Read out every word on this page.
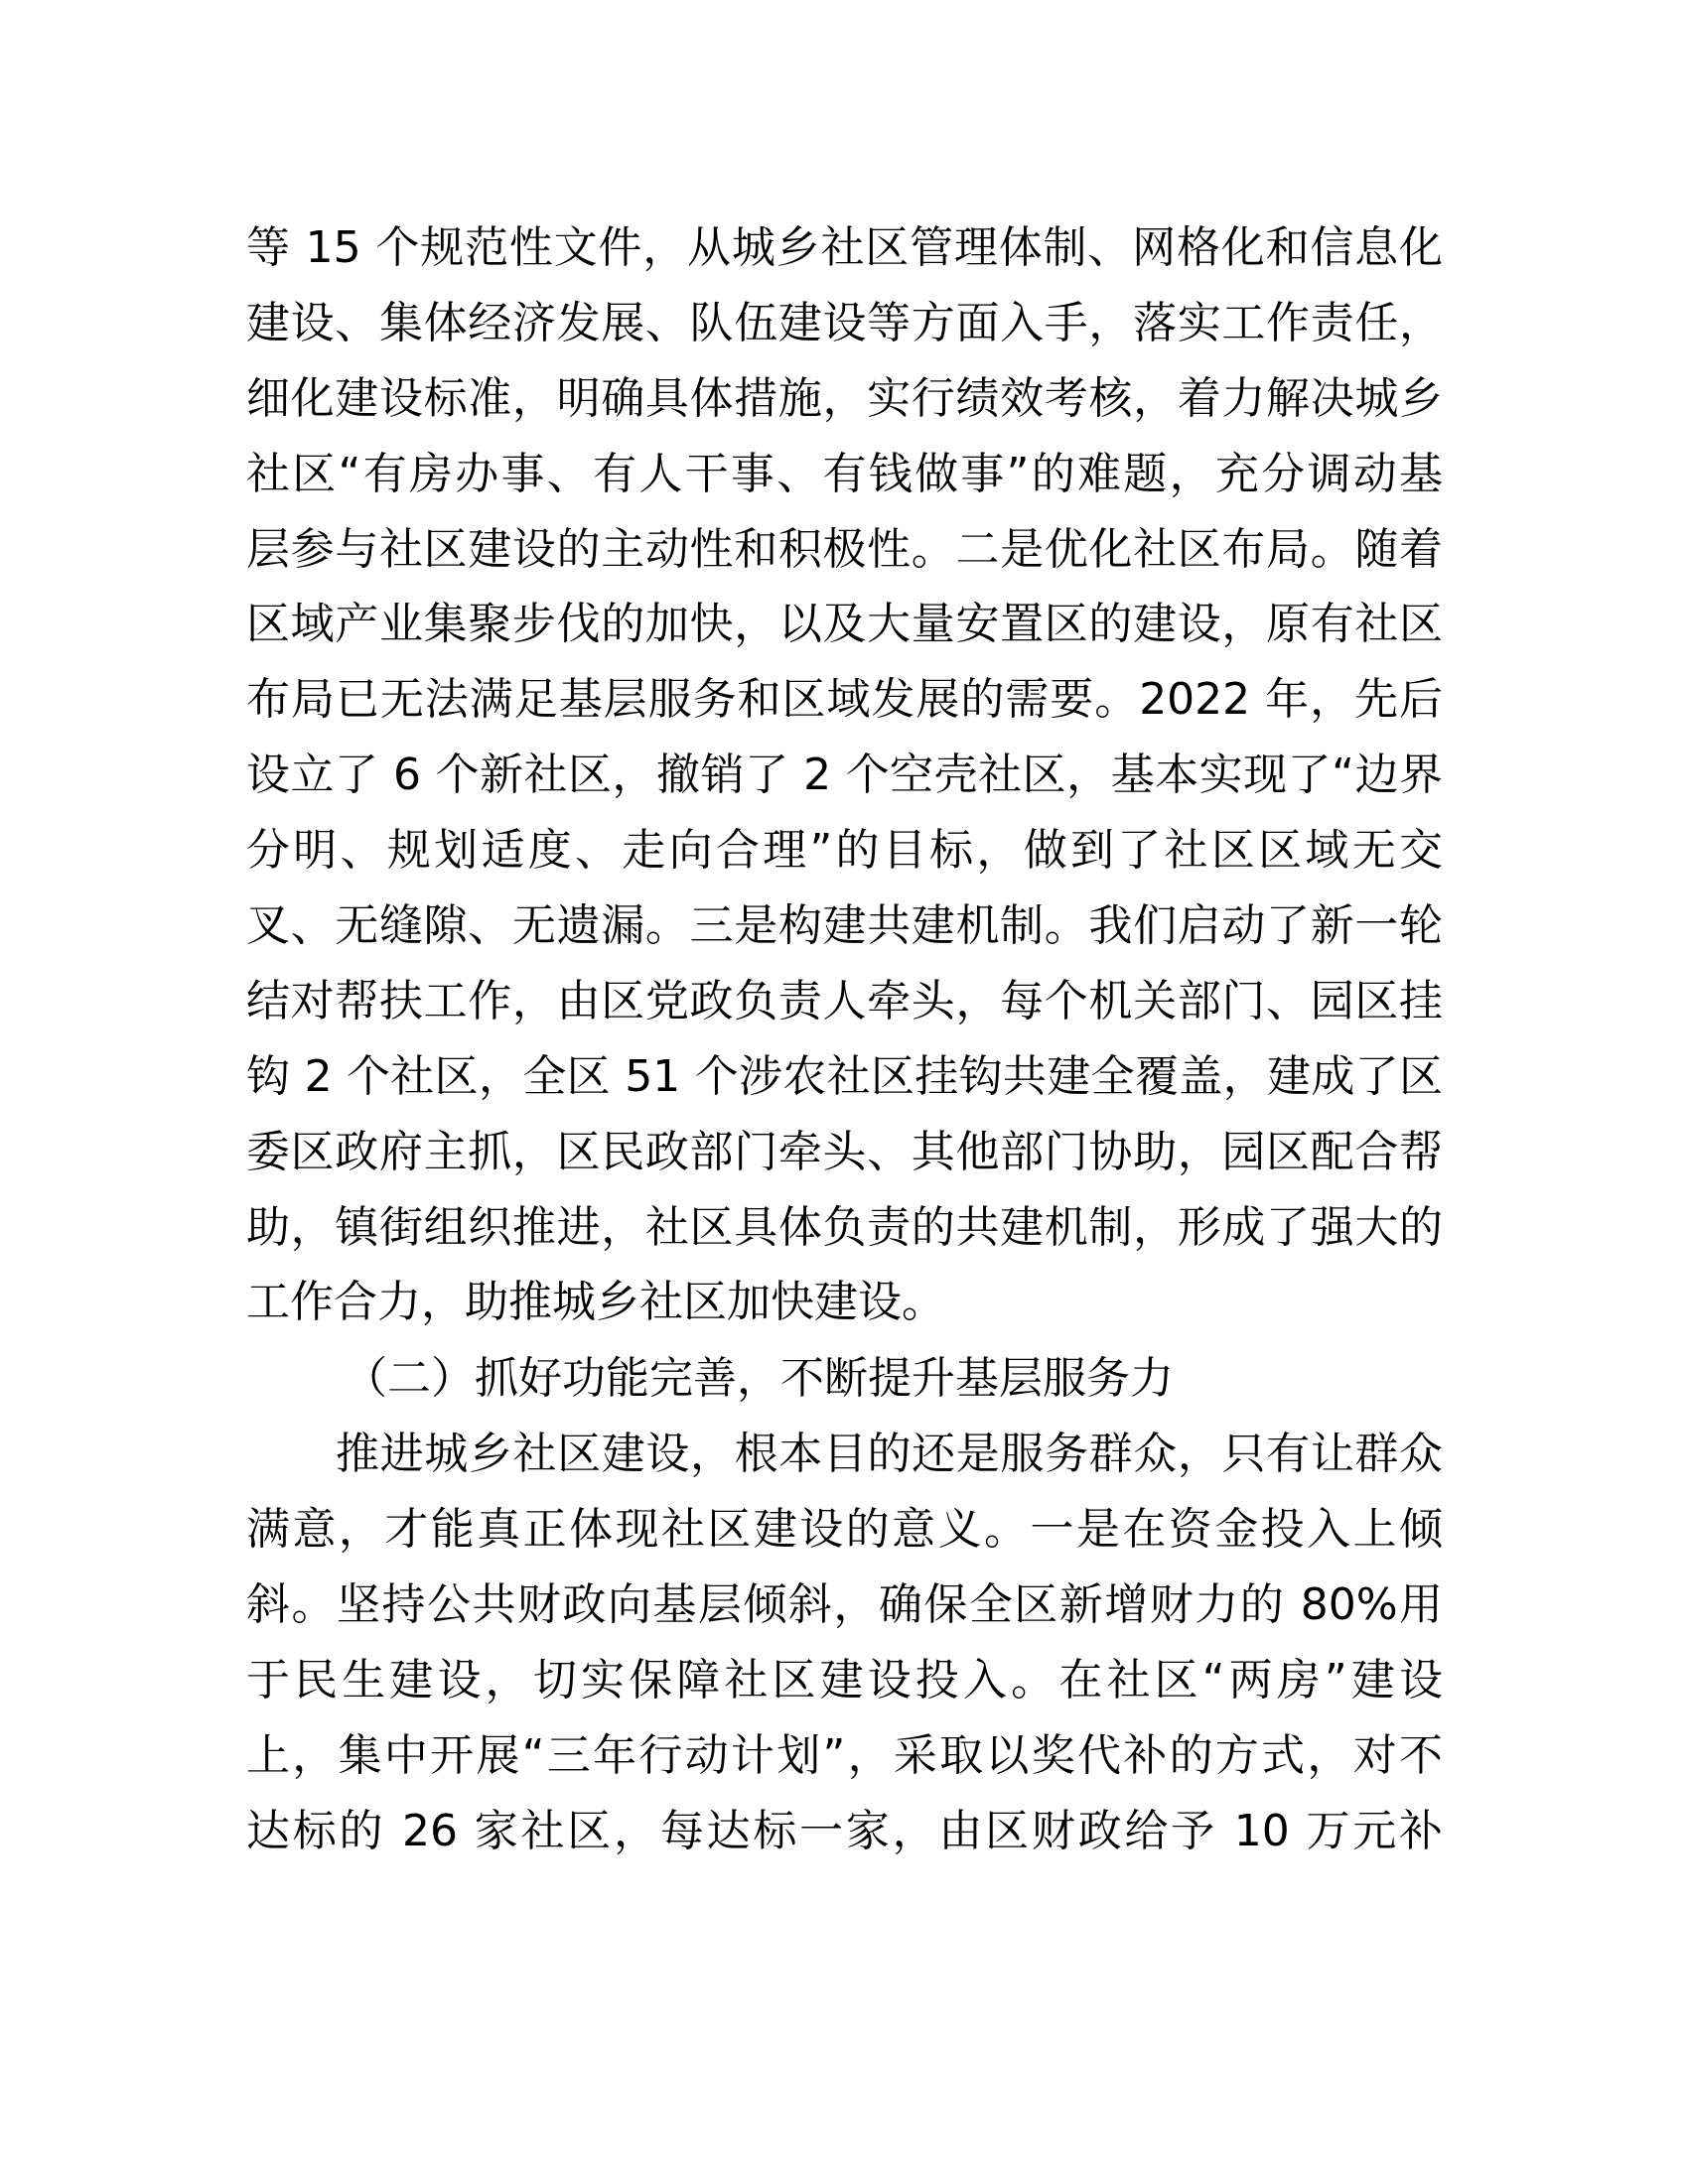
等 15 个规范性文件，从城乡社区管理体制、网格化和信息化
建设、集体经济发展、队伍建设等方面入手，落实工作责任，
细化建设标准，明确具体措施，实行绩效考核，着力解决城乡
社区“有房办事、有人干事、有钱做事”的难题，充分调动基
层参与社区建设的主动性和积极性。二是优化社区布局。随着
区域产业集聚步伐的加快，以及大量安置区的建设，原有社区
布局已无法满足基层服务和区域发展的需要。2022 年，先后
设立了 6 个新社区，撤销了 2 个空壳社区，基本实现了“边界
分明、规划适度、走向合理”的目标，做到了社区区域无交
叉、无缝隙、无遗漏。三是构建共建机制。我们启动了新一轮
结对帮扶工作，由区党政负责人牵头，每个机关部门、园区挂
钩 2 个社区，全区 51 个涉农社区挂钩共建全覆盖，建成了区
委区政府主抓，区民政部门牵头、其他部门协助，园区配合帮
助，镇街组织推进，社区具体负责的共建机制，形成了强大的
工作合力，助推城乡社区加快建设。
（二）抓好功能完善，不断提升基层服务力
推进城乡社区建设，根本目的还是服务群众，只有让群众
满意，才能真正体现社区建设的意义。一是在资金投入上倾
斜。坚持公共财政向基层倾斜，确保全区新增财力的 80%用
于民生建设，切实保障社区建设投入。在社区“两房”建设
上，集中开展“三年行动计划”，采取以奖代补的方式，对不
达标的 26 家社区，每达标一家，由区财政给予 10 万元补
